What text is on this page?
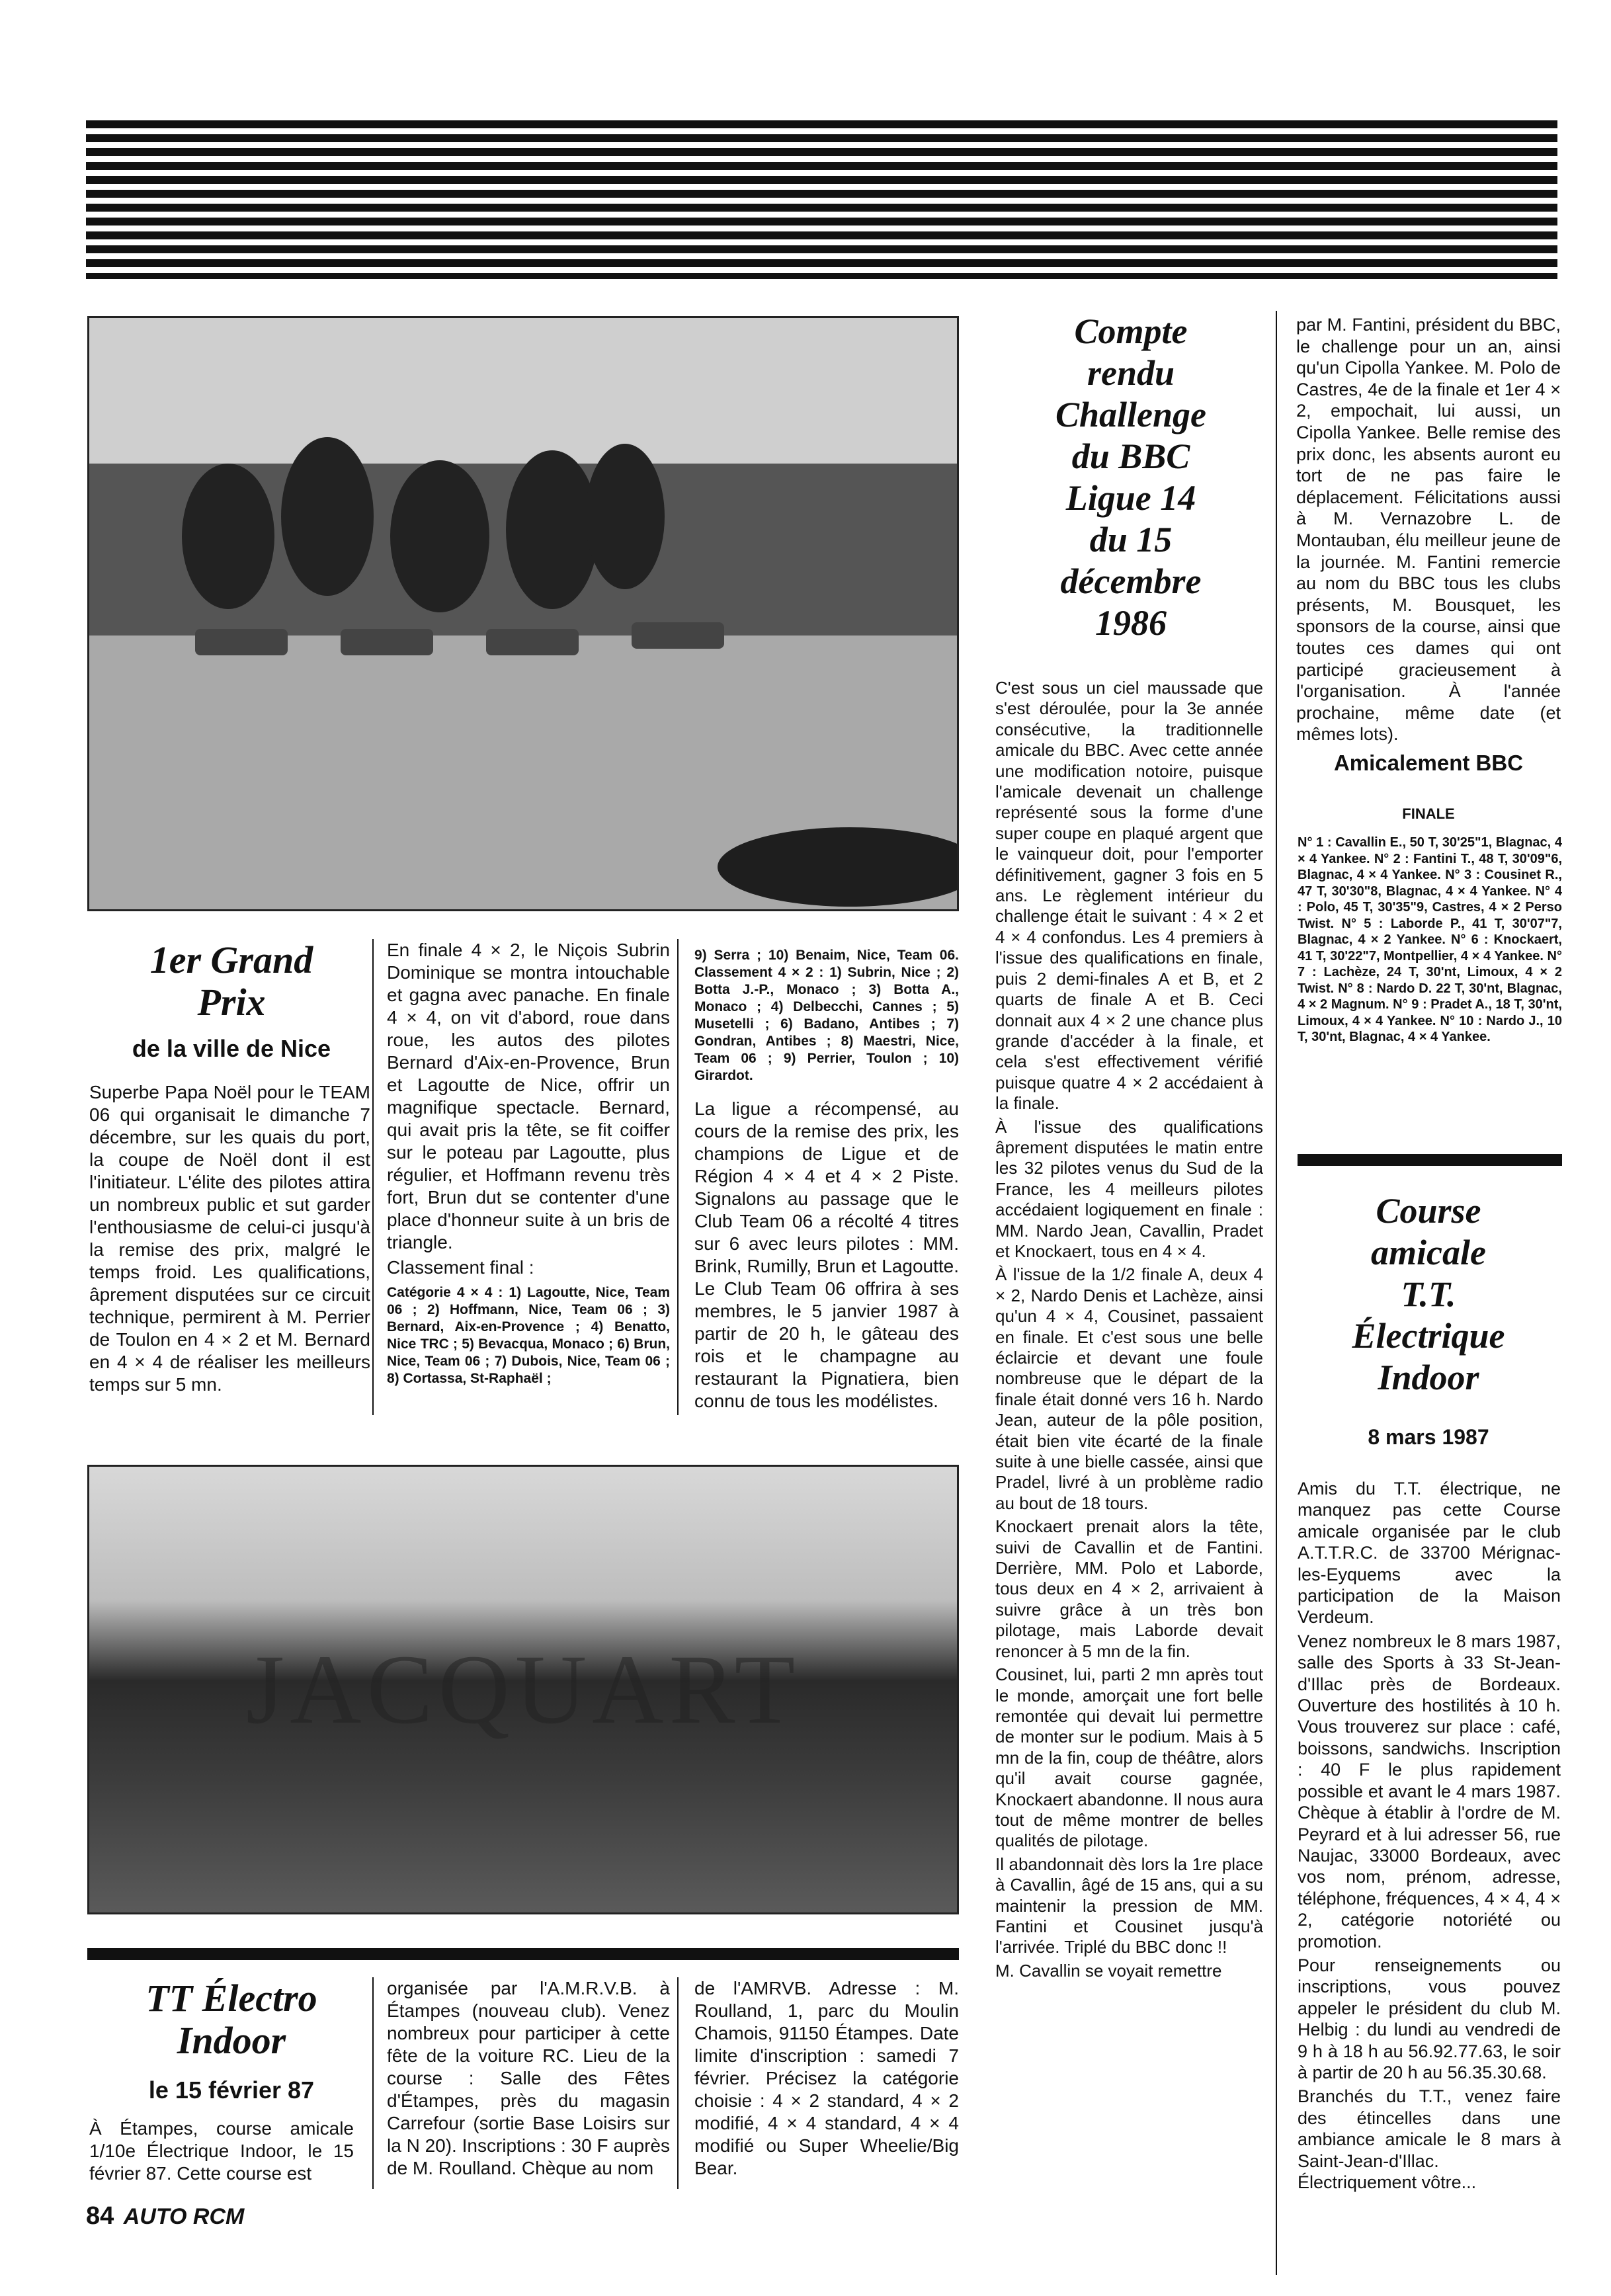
1er Grand
Prix
de la ville de Nice

Superbe Papa Noël pour le TEAM 06 qui organisait le dimanche 7 décembre, sur les quais du port, la coupe de Noël dont il est l'initiateur. L'élite des pilotes attira un nombreux public et sut garder l'enthousiasme de celui-ci jusqu'à la remise des prix, malgré le temps froid. Les qualifications, âprement disputées sur ce circuit technique, permirent à M. Perrier de Toulon en 4 × 2 et M. Bernard en 4 × 4 de réaliser les meilleurs temps sur 5 mn.

En finale 4 × 2, le Niçois Subrin Dominique se montra intouchable et gagna avec panache. En finale 4 × 4, on vit d'abord, roue dans roue, les autos des pilotes Bernard d'Aix-en-Provence, Brun et Lagoutte de Nice, offrir un magnifique spectacle. Bernard, qui avait pris la tête, se fit coiffer sur le poteau par Lagoutte, plus régulier, et Hoffmann revenu très fort, Brun dut se contenter d'une place d'honneur suite à un bris de triangle.

Classement final :

Catégorie 4 × 4 : 1) Lagoutte, Nice, Team 06 ; 2) Hoffmann, Nice, Team 06 ; 3) Bernard, Aix-en-Provence ; 4) Benatto, Nice TRC ; 5) Bevacqua, Monaco ; 6) Brun, Nice, Team 06 ; 7) Dubois, Nice, Team 06 ; 8) Cortassa, St-Raphaël ;

9) Serra ; 10) Benaim, Nice, Team 06. Classement 4 × 2 : 1) Subrin, Nice ; 2) Botta J.-P., Monaco ; 3) Botta A., Monaco ; 4) Delbecchi, Cannes ; 5) Musetelli ; 6) Badano, Antibes ; 7) Gondran, Antibes ; 8) Maestri, Nice, Team 06 ; 9) Perrier, Toulon ; 10) Girardot.

La ligue a récompensé, au cours de la remise des prix, les champions de Ligue et de Région 4 × 4 et 4 × 2 Piste. Signalons au passage que le Club Team 06 a récolté 4 titres sur 6 avec leurs pilotes : MM. Brink, Rumilly, Brun et Lagoutte. Le Club Team 06 offrira à ses membres, le 5 janvier 1987 à partir de 20 h, le gâteau des rois et le champagne au restaurant la Pignatiera, bien connu de tous les modélistes.

JACQUART
TT Électro
Indoor
le 15 février 87

À Étampes, course amicale 1/10e Électrique Indoor, le 15 février 87. Cette course est

organisée par l'A.M.R.V.B. à Étampes (nouveau club). Venez nombreux pour participer à cette fête de la voiture RC. Lieu de la course : Salle des Fêtes d'Étampes, près du magasin Carrefour (sortie Base Loisirs sur la N 20). Inscriptions : 30 F auprès de M. Roulland. Chèque au nom

de l'AMRVB. Adresse : M. Roulland, 1, parc du Moulin Chamois, 91150 Étampes. Date limite d'inscription : samedi 7 février. Précisez la catégorie choisie : 4 × 2 standard, 4 × 2 modifié, 4 × 4 standard, 4 × 4 modifié ou Super Wheelie/Big Bear.

Compte
rendu
Challenge
du BBC
Ligue 14
du 15
décembre
1986

C'est sous un ciel maussade que s'est déroulée, pour la 3e année consécutive, la traditionnelle amicale du BBC. Avec cette année une modification notoire, puisque l'amicale devenait un challenge représenté sous la forme d'une super coupe en plaqué argent que le vainqueur doit, pour l'emporter définitivement, gagner 3 fois en 5 ans. Le règlement intérieur du challenge était le suivant : 4 × 2 et 4 × 4 confondus. Les 4 premiers à l'issue des qualifications en finale, puis 2 demi-finales A et B, et 2 quarts de finale A et B. Ceci donnait aux 4 × 2 une chance plus grande d'accéder à la finale, et cela s'est effectivement vérifié puisque quatre 4 × 2 accédaient à la finale.

À l'issue des qualifications âprement disputées le matin entre les 32 pilotes venus du Sud de la France, les 4 meilleurs pilotes accédaient logiquement en finale : MM. Nardo Jean, Cavallin, Pradet et Knockaert, tous en 4 × 4.

À l'issue de la 1/2 finale A, deux 4 × 2, Nardo Denis et Lachèze, ainsi qu'un 4 × 4, Cousinet, passaient en finale. Et c'est sous une belle éclaircie et devant une foule nombreuse que le départ de la finale était donné vers 16 h. Nardo Jean, auteur de la pôle position, était bien vite écarté de la finale suite à une bielle cassée, ainsi que Pradel, livré à un problème radio au bout de 18 tours.

Knockaert prenait alors la tête, suivi de Cavallin et de Fantini. Derrière, MM. Polo et Laborde, tous deux en 4 × 2, arrivaient à suivre grâce à un très bon pilotage, mais Laborde devait renoncer à 5 mn de la fin.

Cousinet, lui, parti 2 mn après tout le monde, amorçait une fort belle remontée qui devait lui permettre de monter sur le podium. Mais à 5 mn de la fin, coup de théâtre, alors qu'il avait course gagnée, Knockaert abandonne. Il nous aura tout de même montrer de belles qualités de pilotage.

Il abandonnait dès lors la 1re place à Cavallin, âgé de 15 ans, qui a su maintenir la pression de MM. Fantini et Cousinet jusqu'à l'arrivée. Triplé du BBC donc !!

M. Cavallin se voyait remettre

par M. Fantini, président du BBC, le challenge pour un an, ainsi qu'un Cipolla Yankee. M. Polo de Castres, 4e de la finale et 1er 4 × 2, empochait, lui aussi, un Cipolla Yankee. Belle remise des prix donc, les absents auront eu tort de ne pas faire le déplacement. Félicitations aussi à M. Vernazobre L. de Montauban, élu meilleur jeune de la journée. M. Fantini remercie au nom du BBC tous les clubs présents, M. Bousquet, les sponsors de la course, ainsi que toutes ces dames qui ont participé gracieusement à l'organisation. À l'année prochaine, même date (et mêmes lots).

Amicalement BBC
FINALE
N° 1 : Cavallin E., 50 T, 30'25"1, Blagnac, 4 × 4 Yankee. N° 2 : Fantini T., 48 T, 30'09"6, Blagnac, 4 × 4 Yankee. N° 3 : Cousinet R., 47 T, 30'30"8, Blagnac, 4 × 4 Yankee. N° 4 : Polo, 45 T, 30'35"9, Castres, 4 × 2 Perso Twist. N° 5 : Laborde P., 41 T, 30'07"7, Blagnac, 4 × 2 Yankee. N° 6 : Knockaert, 41 T, 30'22"7, Montpellier, 4 × 4 Yankee. N° 7 : Lachèze, 24 T, 30'nt, Limoux, 4 × 2 Twist. N° 8 : Nardo D. 22 T, 30'nt, Blagnac, 4 × 2 Magnum. N° 9 : Pradet A., 18 T, 30'nt, Limoux, 4 × 4 Yankee. N° 10 : Nardo J., 10 T, 30'nt, Blagnac, 4 × 4 Yankee.
Course
amicale
T.T.
Électrique
Indoor
8 mars 1987

Amis du T.T. électrique, ne manquez pas cette Course amicale organisée par le club A.T.T.R.C. de 33700 Mérignac-les-Eyquems avec la participation de la Maison Verdeum.

Venez nombreux le 8 mars 1987, salle des Sports à 33 St-Jean-d'Illac près de Bordeaux. Ouverture des hostilités à 10 h. Vous trouverez sur place : café, boissons, sandwichs. Inscription : 40 F le plus rapidement possible et avant le 4 mars 1987. Chèque à établir à l'ordre de M. Peyrard et à lui adresser 56, rue Naujac, 33000 Bordeaux, avec vos nom, prénom, adresse, téléphone, fréquences, 4 × 4, 4 × 2, catégorie notoriété ou promotion.

Pour renseignements ou inscriptions, vous pouvez appeler le président du club M. Helbig : du lundi au vendredi de 9 h à 18 h au 56.92.77.63, le soir à partir de 20 h au 56.35.30.68.

Branchés du T.T., venez faire des étincelles dans une ambiance amicale le 8 mars à Saint-Jean-d'Illac. Électriquement vôtre...

84 AUTO RCM
